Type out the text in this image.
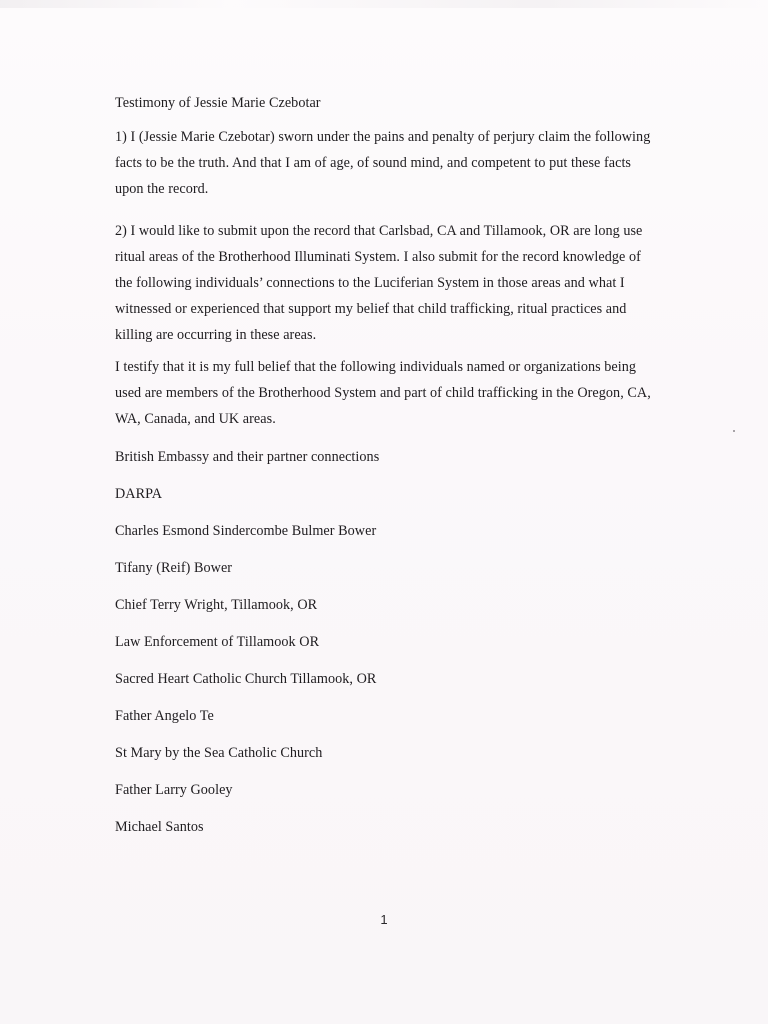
Testimony of Jessie Marie Czebotar

1) I (Jessie Marie Czebotar) sworn under the pains and penalty of perjury claim the following facts to be the truth. And that I am of age, of sound mind, and competent to put these facts upon the record.

2) I would like to submit upon the record that Carlsbad, CA and Tillamook, OR are long use ritual areas of the Brotherhood Illuminati System. I also submit for the record knowledge of the following individuals’ connections to the Luciferian System in those areas and what I witnessed or experienced that support my belief that child trafficking, ritual practices and killing are occurring in these areas.

I testify that it is my full belief that the following individuals named or organizations being used are members of the Brotherhood System and part of child trafficking in the Oregon, CA, WA, Canada, and UK areas.

British Embassy and their partner connections
DARPA
Charles Esmond Sindercombe Bulmer Bower
Tifany (Reif) Bower
Chief Terry Wright, Tillamook, OR
Law Enforcement of Tillamook OR
Sacred Heart Catholic Church Tillamook, OR
Father Angelo Te
St Mary by the Sea Catholic Church
Father Larry Gooley
Michael Santos
1
